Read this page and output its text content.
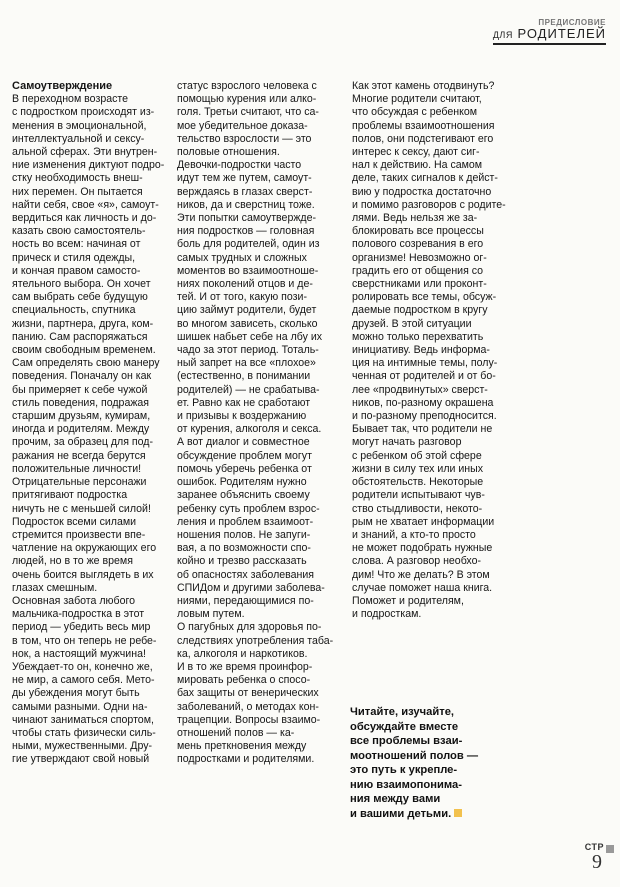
ПРЕДИСЛОВИЕ
ДЛЯ РОДИТЕЛЕЙ

Самоутверждение

В переходном возрасте
с подростком происходят из-
менения в эмоциональной,
интеллектуальной и сексу-
альной сферах. Эти внутрен-
ние изменения диктуют подро-
стку необходимость внеш-
них перемен. Он пытается
найти себя, свое «я», самоут-
вердиться как личность и до-
казать свою самостоятель-
ность во всем: начиная от
прическ и стиля одежды,
и кончая правом самосто-
ятельного выбора. Он хочет
сам выбрать себе будущую
специальность, спутника
жизни, партнера, друга, ком-
панию. Сам распоряжаться
своим свободным временем.
Сам определять свою манеру
поведения. Поначалу он как
бы примеряет к себе чужой
стиль поведения, подражая
старшим друзьям, кумирам,
иногда и родителям. Между
прочим, за образец для под-
ражания не всегда берутся
положительные личности!
Отрицательные персонажи
притягивают подростка
ничуть не с меньшей силой!
Подросток всеми силами
стремится произвести впе-
чатление на окружающих его
людей, но в то же время
очень боится выглядеть в их
глазах смешным.
Основная забота любого
мальчика-подростка в этот
период — убедить весь мир
в том, что он теперь не ребе-
нок, а настоящий мужчина!
Убеждает-то он, конечно же,
не мир, а самого себя. Мето-
ды убеждения могут быть
самыми разными. Одни на-
чинают заниматься спортом,
чтобы стать физически силь-
ными, мужественными. Дру-
гие утверждают свой новый

статус взрослого человека с
помощью курения или алко-
голя. Третьи считают, что са-
мое убедительное доказа-
тельство взрослости — это
половые отношения.
Девочки-подростки часто
идут тем же путем, самоут-
верждаясь в глазах сверст-
ников, да и сверстниц тоже.
Эти попытки самоутвержде-
ния подростков — головная
боль для родителей, один из
самых трудных и сложных
моментов во взаимоотноше-
ниях поколений отцов и де-
тей. И от того, какую пози-
цию займут родители, будет
во многом зависеть, сколько
шишек набьет себе на лбу их
чадо за этот период. Тоталь-
ный запрет на все «плохое»
(естественно, в понимании
родителей) — не срабатыва-
ет. Равно как не сработают
и призывы к воздержанию
от курения, алкоголя и секса.
А вот диалог и совместное
обсуждение проблем могут
помочь уберечь ребенка от
ошибок. Родителям нужно
заранее объяснить своему
ребенку суть проблем взрос-
ления и проблем взаимоот-
ношения полов. Не запуги-
вая, а по возможности спо-
койно и трезво рассказать
об опасностях заболевания
СПИДом и другими заболева-
ниями, передающимися по-
ловым путем.
О пагубных для здоровья по-
следствиях употребления таба-
ка, алкоголя и наркотиков.
И в то же время проинфор-
мировать ребенка о спосо-
бах защиты от венерических
заболеваний, о методах кон-
трацепции. Вопросы взаимо-
отношений полов — ка-
мень преткновения между
подростками и родителями.

Как этот камень отодвинуть?
Многие родители считают,
что обсуждая с ребенком
проблемы взаимоотношения
полов, они подстегивают его
интерес к сексу, дают сиг-
нал к действию. На самом
деле, таких сигналов к дейст-
вию у подростка достаточно
и помимо разговоров с родите-
лями. Ведь нельзя же за-
блокировать все процессы
полового созревания в его
организме! Невозможно ог-
градить его от общения со
сверстниками или проконт-
ролировать все темы, обсуж-
даемые подростком в кругу
друзей. В этой ситуации
можно только перехватить
инициативу. Ведь информа-
ция на интимные темы, полу-
ченная от родителей и от бо-
лее «продвинутых» сверст-
ников, по-разному окрашена
и по-разному преподносится.
Бывает так, что родители не
могут начать разговор
с ребенком об этой сфере
жизни в силу тех или иных
обстоятельств. Некоторые
родители испытывают чув-
ство стыдливости, некото-
рым не хватает информации
и знаний, а кто-то просто
не может подобрать нужные
слова. А разговор необхо-
дим! Что же делать? В этом
случае поможет наша книга.
Поможет и родителям,
и подросткам.

Читайте, изучайте,
обсуждайте вместе
все проблемы взаи-
моотношений полов —
это путь к укрепле-
нию взаимопонима-
ния между вами
и вашими детьми.
СТР
9
